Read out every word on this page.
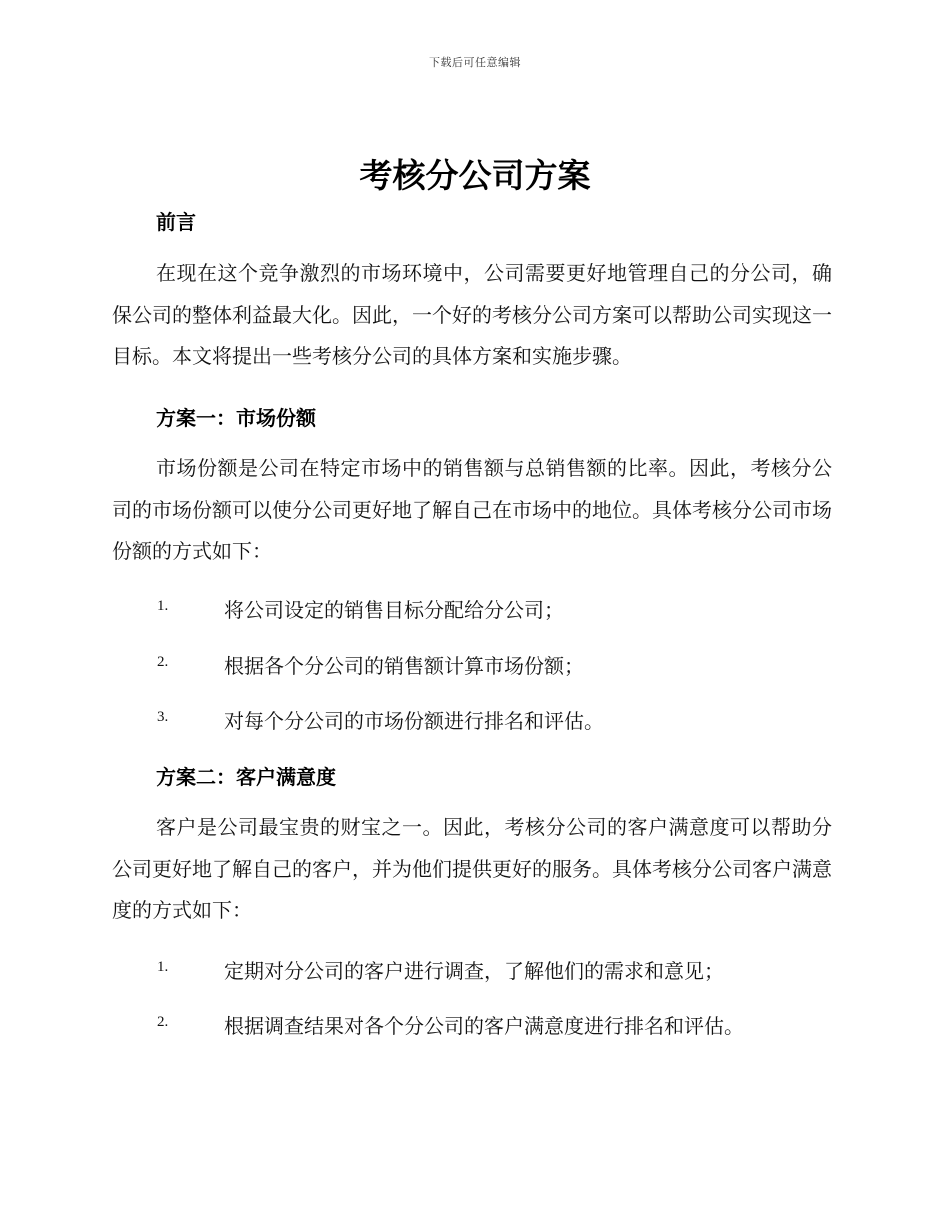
下载后可任意编辑
考核分公司方案
前言

在现在这个竞争激烈的市场环境中，公司需要更好地管理自己的分公司，确保公司的整体利益最大化。因此，一个好的考核分公司方案可以帮助公司实现这一目标。本文将提出一些考核分公司的具体方案和实施步骤。

方案一：市场份额

市场份额是公司在特定市场中的销售额与总销售额的比率。因此，考核分公司的市场份额可以使分公司更好地了解自己在市场中的地位。具体考核分公司市场份额的方式如下：

1.	将公司设定的销售目标分配给分公司；
2.	根据各个分公司的销售额计算市场份额；
3.	对每个分公司的市场份额进行排名和评估。
方案二：客户满意度

客户是公司最宝贵的财宝之一。因此，考核分公司的客户满意度可以帮助分公司更好地了解自己的客户，并为他们提供更好的服务。具体考核分公司客户满意度的方式如下：

1.	定期对分公司的客户进行调查，了解他们的需求和意见；
2.	根据调查结果对各个分公司的客户满意度进行排名和评估。
